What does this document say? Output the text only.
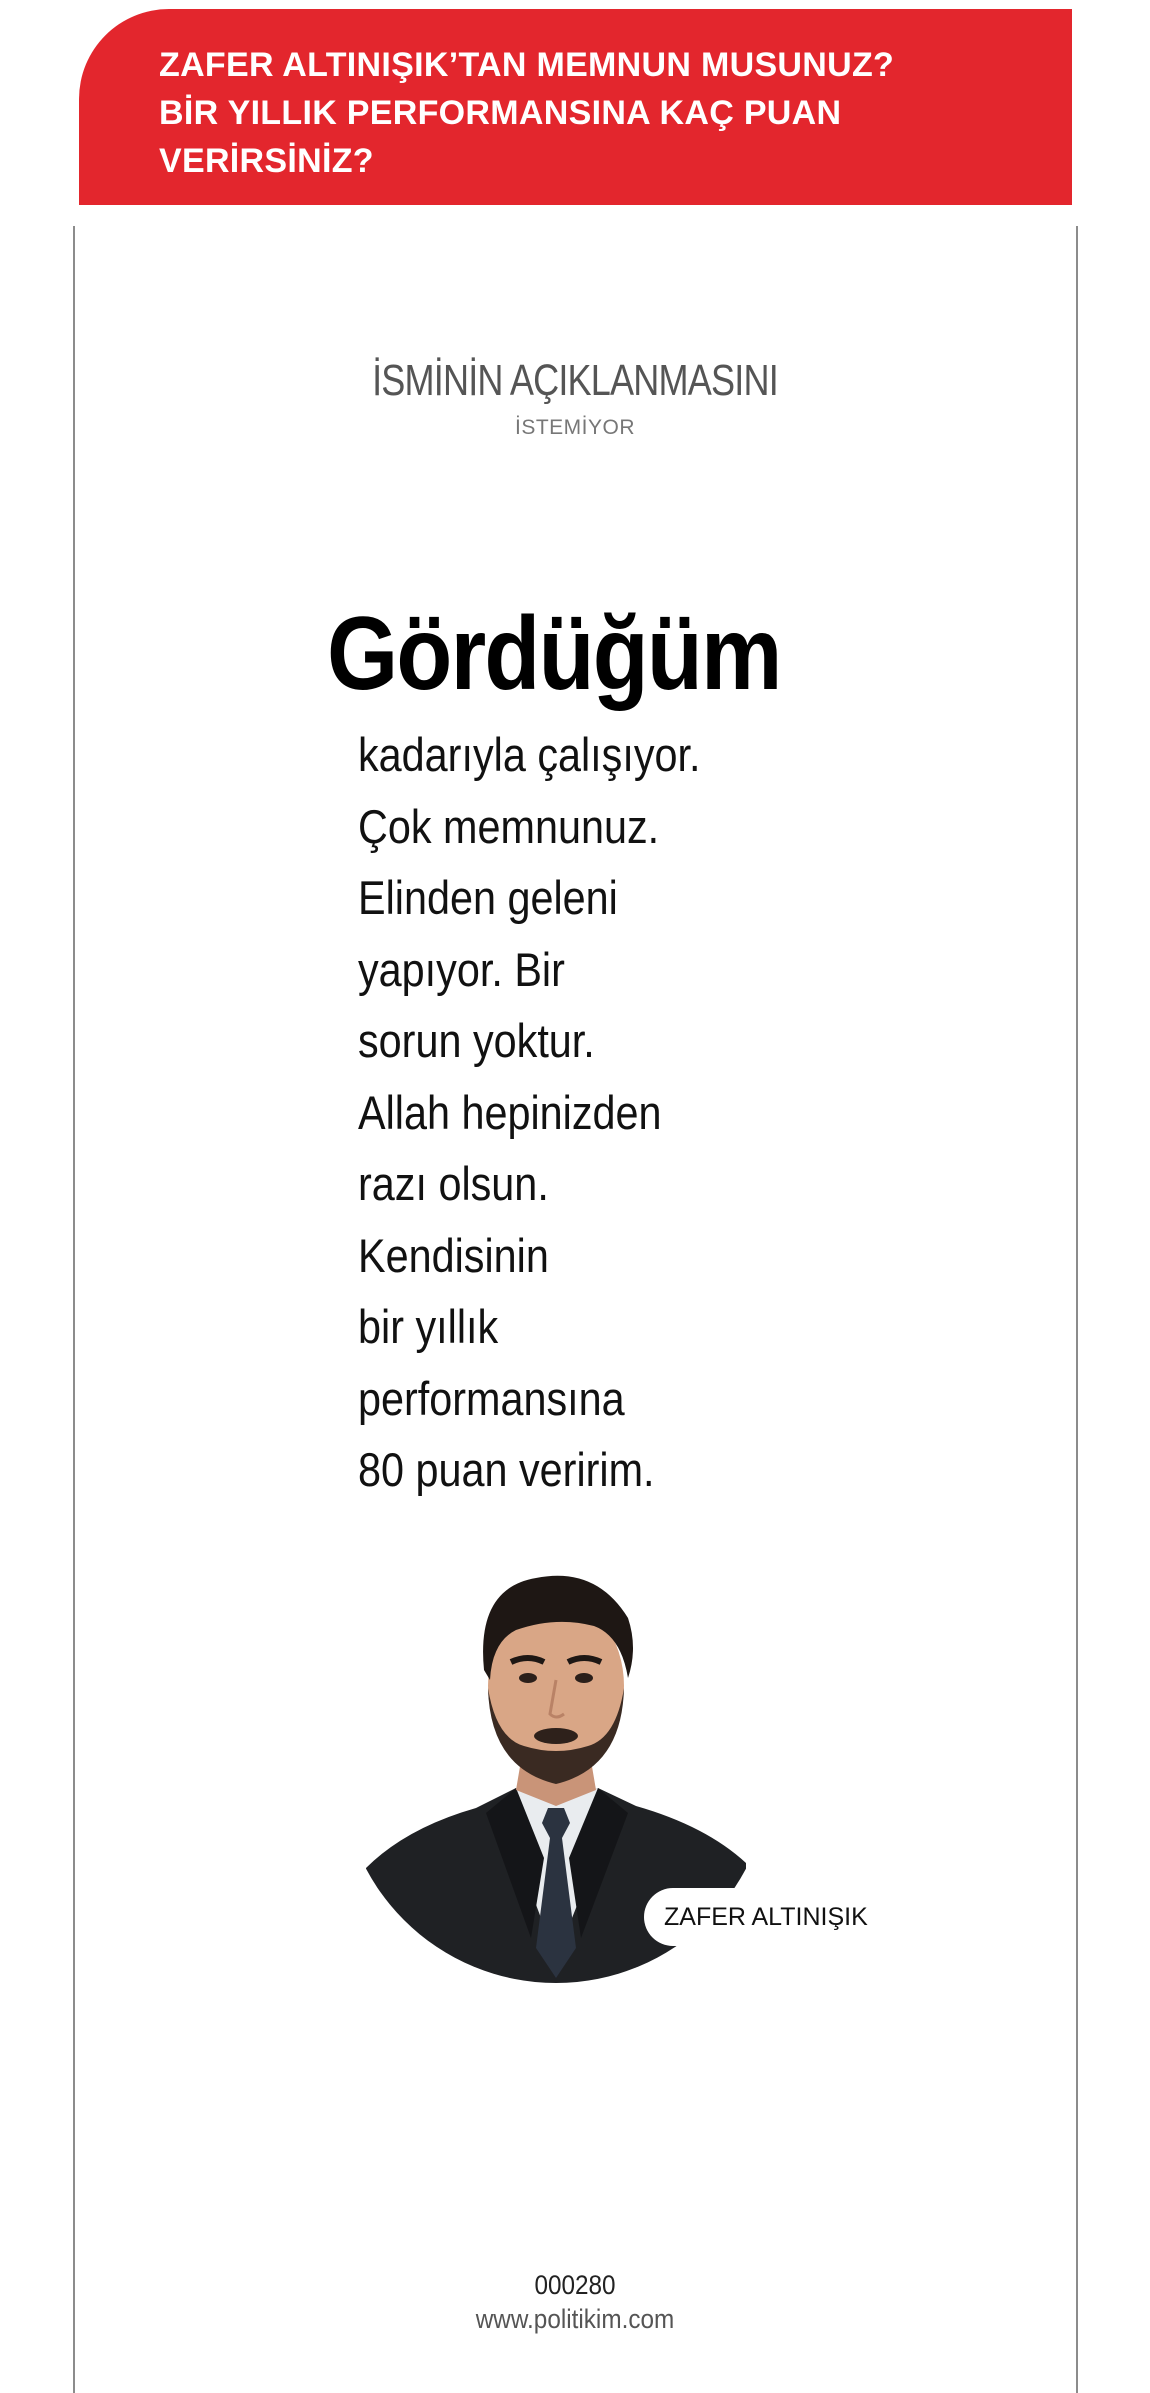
ZAFER ALTINIŞIK’TAN MEMNUN MUSUNUZ?
BİR YILLIK PERFORMANSINA KAÇ PUAN
VERİRSİNİZ?
İSMİNİN AÇIKLANMASINI
İSTEMİYOR
Gördüğüm
kadarıyla çalışıyor.
Çok memnunuz.
Elinden geleni
yapıyor. Bir
sorun yoktur.
Allah hepinizden
razı olsun.
Kendisinin
bir yıllık
performansına
80 puan veririm.
ZAFER ALTINIŞIK
000280
www.politikim.com
